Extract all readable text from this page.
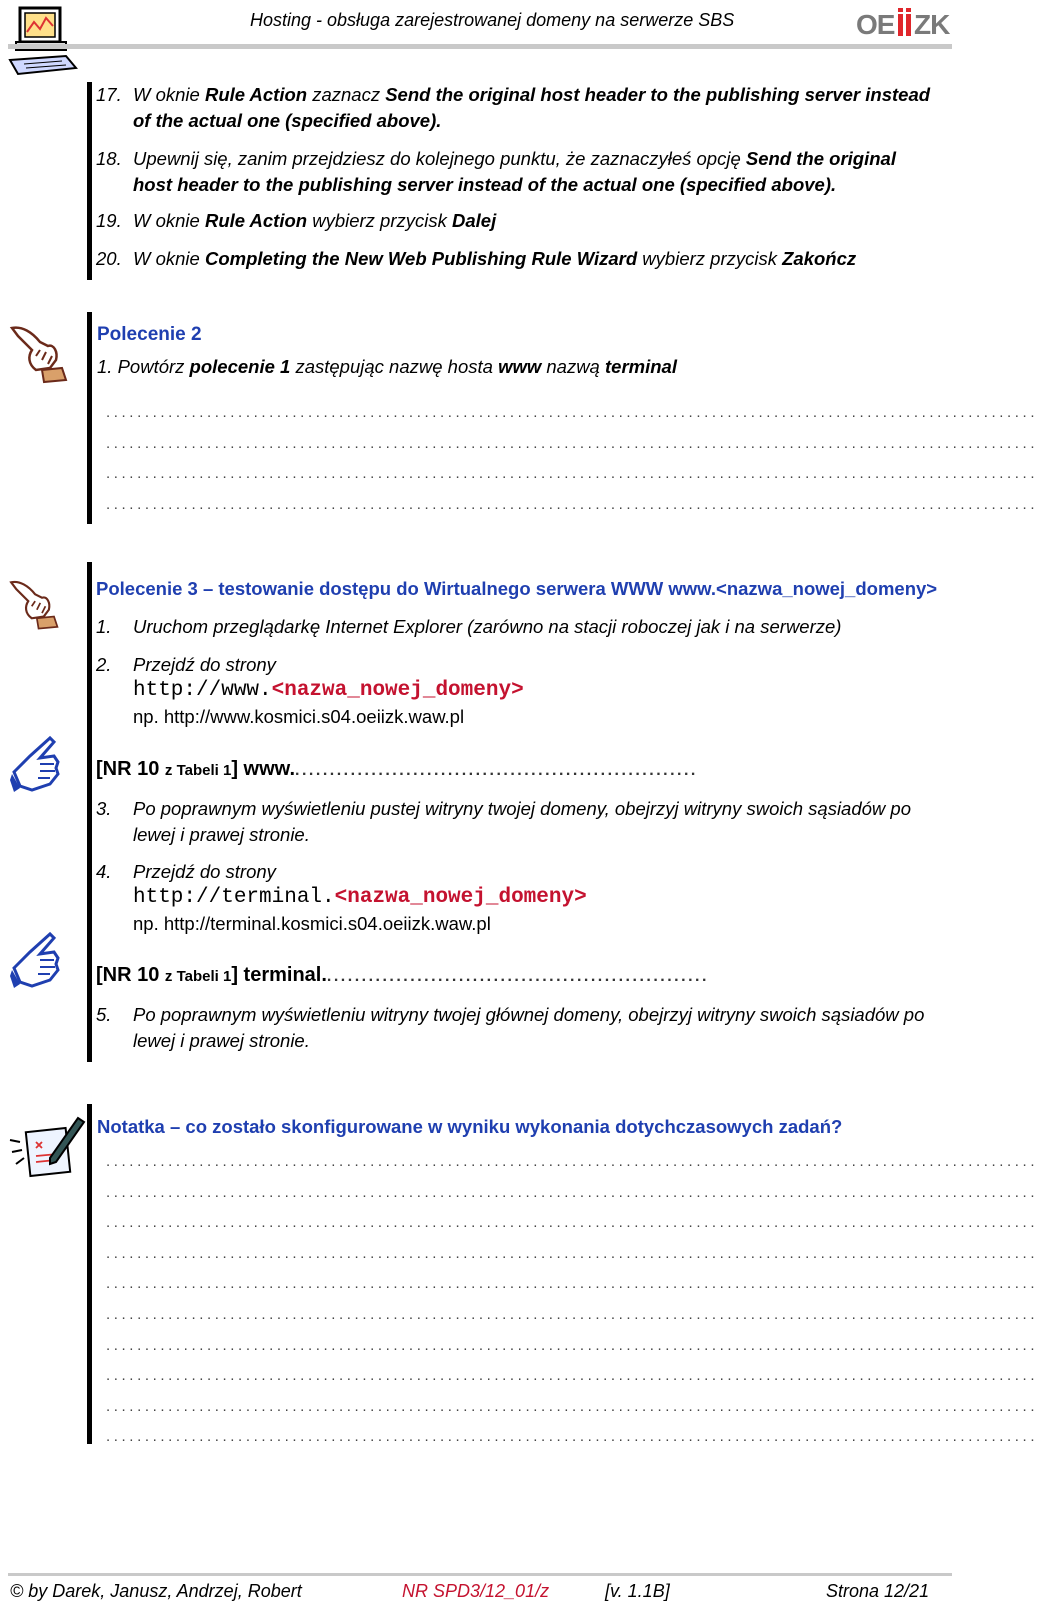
Hosting - obsługa zarejestrowanej domeny na serwerze SBS	OE ZK
17. W oknie Rule Action zaznacz Send the original host header to the publishing server instead
of the actual one (specified above).
18. Upewnij się, zanim przejdziesz do kolejnego punktu, że zaznaczyłeś opcję Send the original
host header to the publishing server instead of the actual one (specified above).
19. W oknie Rule Action wybierz przycisk Dalej
20. W oknie Completing the New Web Publishing Rule Wizard wybierz przycisk Zakończ
Polecenie 2
1. Powtórz polecenie 1 zastępując nazwę hosta www nazwą terminal
........................................................................................................................
........................................................................................................................
........................................................................................................................
........................................................................................................................
Polecenie 3 – testowanie dostępu do Wirtualnego serwera WWW www.<nazwa_nowej_domeny>
1. Uruchom przeglądarkę Internet Explorer (zarówno na stacji roboczej jak i na serwerze)
2. Przejdź do strony
http://www.<nazwa_nowej_domeny>
np. http://www.kosmici.s04.oeiizk.waw.pl
[NR 10 z Tabeli 1] www...........................................................
3. Po poprawnym wyświetleniu pustej witryny twojej domeny, obejrzyj witryny swoich sąsiadów po
lewej i prawej stronie.
4. Przejdź do strony
http://terminal.<nazwa_nowej_domeny>
np. http://terminal.kosmici.s04.oeiizk.waw.pl
[NR 10 z Tabeli 1] terminal........................................................
5. Po poprawnym wyświetleniu witryny twojej głównej domeny, obejrzyj witryny swoich sąsiadów po
lewej i prawej stronie.
Notatka – co zostało skonfigurowane w wyniku wykonania dotychczasowych zadań?
........................................................................................................................
........................................................................................................................
........................................................................................................................
........................................................................................................................
........................................................................................................................
........................................................................................................................
........................................................................................................................
........................................................................................................................
........................................................................................................................
........................................................................................................................
© by Darek, Janusz, Andrzej, Robert	NR SPD3/12_01/z	[v. 1.1B]	Strona 12/21
